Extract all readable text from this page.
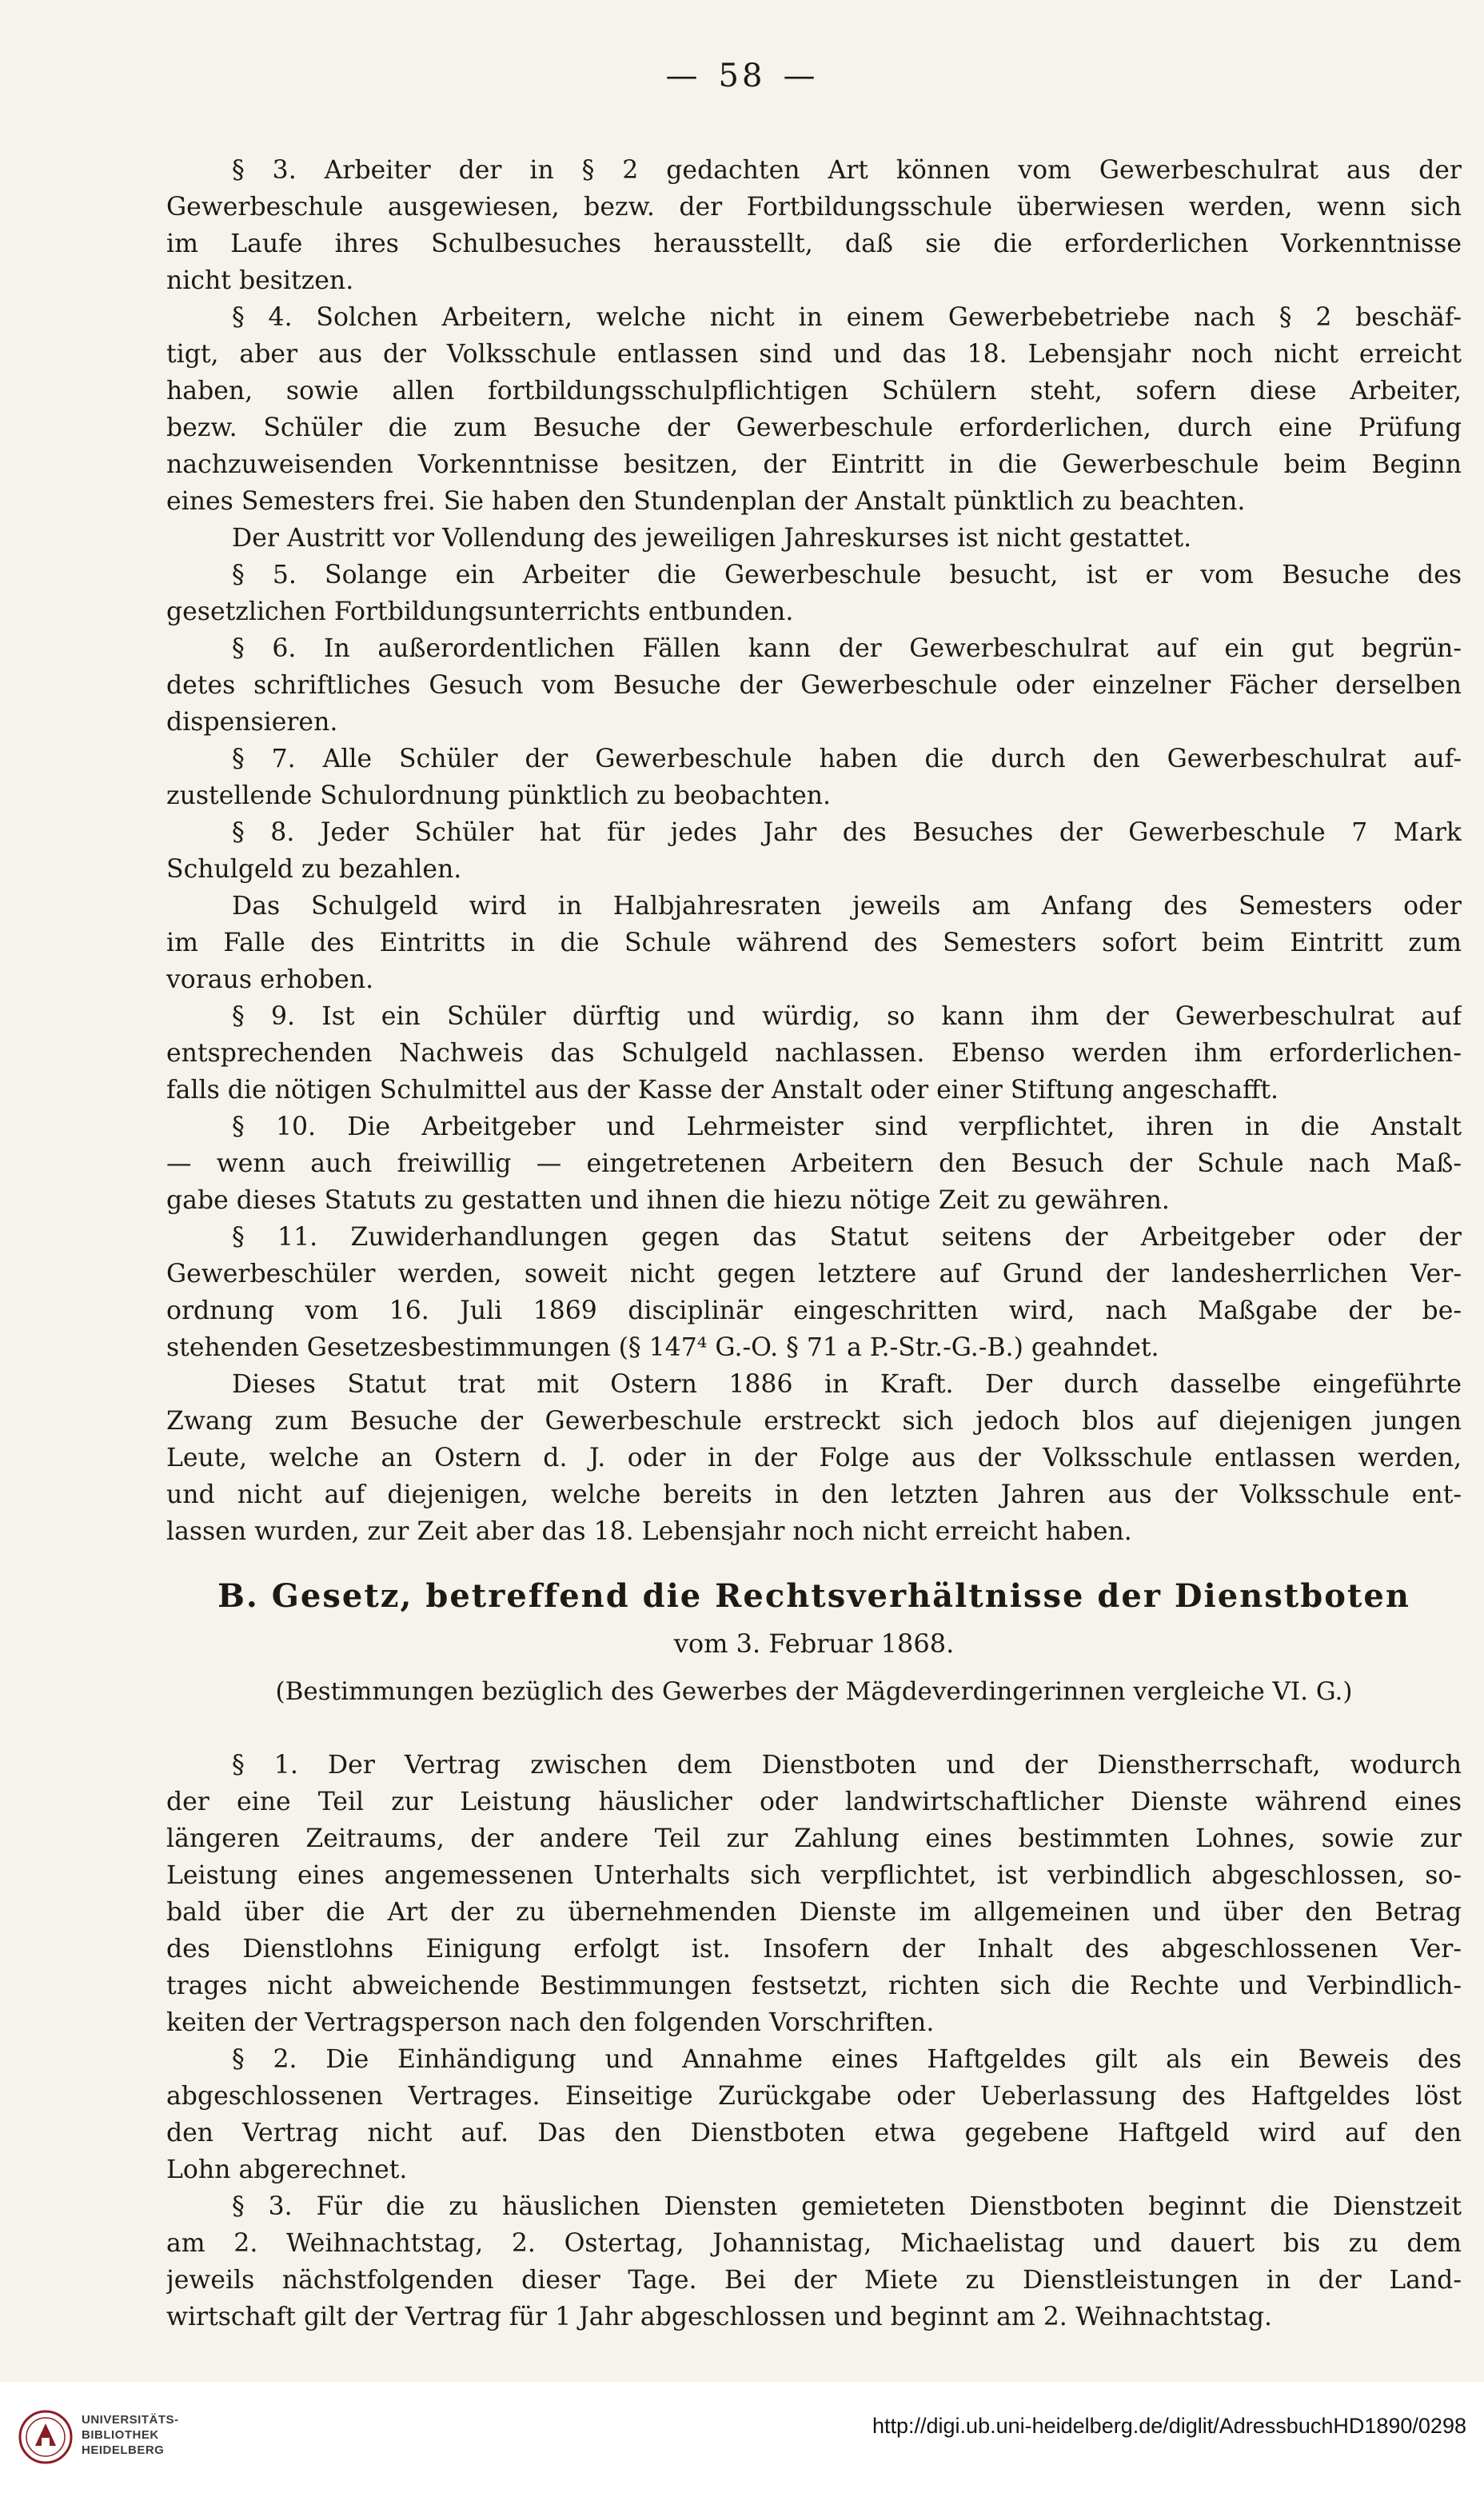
— 58 —
§ 3. Arbeiter der in § 2 gedachten Art können vom Gewerbeschulrat aus der
Gewerbeschule ausgewiesen, bezw. der Fortbildungsschule überwiesen werden, wenn sich
im Laufe ihres Schulbesuches herausstellt, daß sie die erforderlichen Vorkenntnisse
nicht besitzen.
§ 4. Solchen Arbeitern, welche nicht in einem Gewerbebetriebe nach § 2 beschäf-
tigt, aber aus der Volksschule entlassen sind und das 18. Lebensjahr noch nicht erreicht
haben, sowie allen fortbildungsschulpflichtigen Schülern steht, sofern diese Arbeiter,
bezw. Schüler die zum Besuche der Gewerbeschule erforderlichen, durch eine Prüfung
nachzuweisenden Vorkenntnisse besitzen, der Eintritt in die Gewerbeschule beim Beginn
eines Semesters frei. Sie haben den Stundenplan der Anstalt pünktlich zu beachten.
Der Austritt vor Vollendung des jeweiligen Jahreskurses ist nicht gestattet.
§ 5. Solange ein Arbeiter die Gewerbeschule besucht, ist er vom Besuche des
gesetzlichen Fortbildungsunterrichts entbunden.
§ 6. In außerordentlichen Fällen kann der Gewerbeschulrat auf ein gut begrün-
detes schriftliches Gesuch vom Besuche der Gewerbeschule oder einzelner Fächer derselben
dispensieren.
§ 7. Alle Schüler der Gewerbeschule haben die durch den Gewerbeschulrat auf-
zustellende Schulordnung pünktlich zu beobachten.
§ 8. Jeder Schüler hat für jedes Jahr des Besuches der Gewerbeschule 7 Mark
Schulgeld zu bezahlen.
Das Schulgeld wird in Halbjahresraten jeweils am Anfang des Semesters oder
im Falle des Eintritts in die Schule während des Semesters sofort beim Eintritt zum
voraus erhoben.
§ 9. Ist ein Schüler dürftig und würdig, so kann ihm der Gewerbeschulrat auf
entsprechenden Nachweis das Schulgeld nachlassen. Ebenso werden ihm erforderlichen-
falls die nötigen Schulmittel aus der Kasse der Anstalt oder einer Stiftung angeschafft.
§ 10. Die Arbeitgeber und Lehrmeister sind verpflichtet, ihren in die Anstalt
— wenn auch freiwillig — eingetretenen Arbeitern den Besuch der Schule nach Maß-
gabe dieses Statuts zu gestatten und ihnen die hiezu nötige Zeit zu gewähren.
§ 11. Zuwiderhandlungen gegen das Statut seitens der Arbeitgeber oder der
Gewerbeschüler werden, soweit nicht gegen letztere auf Grund der landesherrlichen Ver-
ordnung vom 16. Juli 1869 disciplinär eingeschritten wird, nach Maßgabe der be-
stehenden Gesetzesbestimmungen (§ 147⁴ G.-O. § 71 a P.-Str.-G.-B.) geahndet.
Dieses Statut trat mit Ostern 1886 in Kraft. Der durch dasselbe eingeführte
Zwang zum Besuche der Gewerbeschule erstreckt sich jedoch blos auf diejenigen jungen
Leute, welche an Ostern d. J. oder in der Folge aus der Volksschule entlassen werden,
und nicht auf diejenigen, welche bereits in den letzten Jahren aus der Volksschule ent-
lassen wurden, zur Zeit aber das 18. Lebensjahr noch nicht erreicht haben.
B. Gesetz, betreffend die Rechtsverhältnisse der Dienstboten
vom 3. Februar 1868.
(Bestimmungen bezüglich des Gewerbes der Mägdeverdingerinnen vergleiche VI. G.)
§ 1. Der Vertrag zwischen dem Dienstboten und der Dienstherrschaft, wodurch
der eine Teil zur Leistung häuslicher oder landwirtschaftlicher Dienste während eines
längeren Zeitraums, der andere Teil zur Zahlung eines bestimmten Lohnes, sowie zur
Leistung eines angemessenen Unterhalts sich verpflichtet, ist verbindlich abgeschlossen, so-
bald über die Art der zu übernehmenden Dienste im allgemeinen und über den Betrag
des Dienstlohns Einigung erfolgt ist. Insofern der Inhalt des abgeschlossenen Ver-
trages nicht abweichende Bestimmungen festsetzt, richten sich die Rechte und Verbindlich-
keiten der Vertragsperson nach den folgenden Vorschriften.
§ 2. Die Einhändigung und Annahme eines Haftgeldes gilt als ein Beweis des
abgeschlossenen Vertrages. Einseitige Zurückgabe oder Ueberlassung des Haftgeldes löst
den Vertrag nicht auf. Das den Dienstboten etwa gegebene Haftgeld wird auf den
Lohn abgerechnet.
§ 3. Für die zu häuslichen Diensten gemieteten Dienstboten beginnt die Dienstzeit
am 2. Weihnachtstag, 2. Ostertag, Johannistag, Michaelistag und dauert bis zu dem
jeweils nächstfolgenden dieser Tage. Bei der Miete zu Dienstleistungen in der Land-
wirtschaft gilt der Vertrag für 1 Jahr abgeschlossen und beginnt am 2. Weihnachtstag.
UNIVERSITÄTS-
BIBLIOTHEK
HEIDELBERG
http://digi.ub.uni-heidelberg.de/diglit/AdressbuchHD1890/0298
